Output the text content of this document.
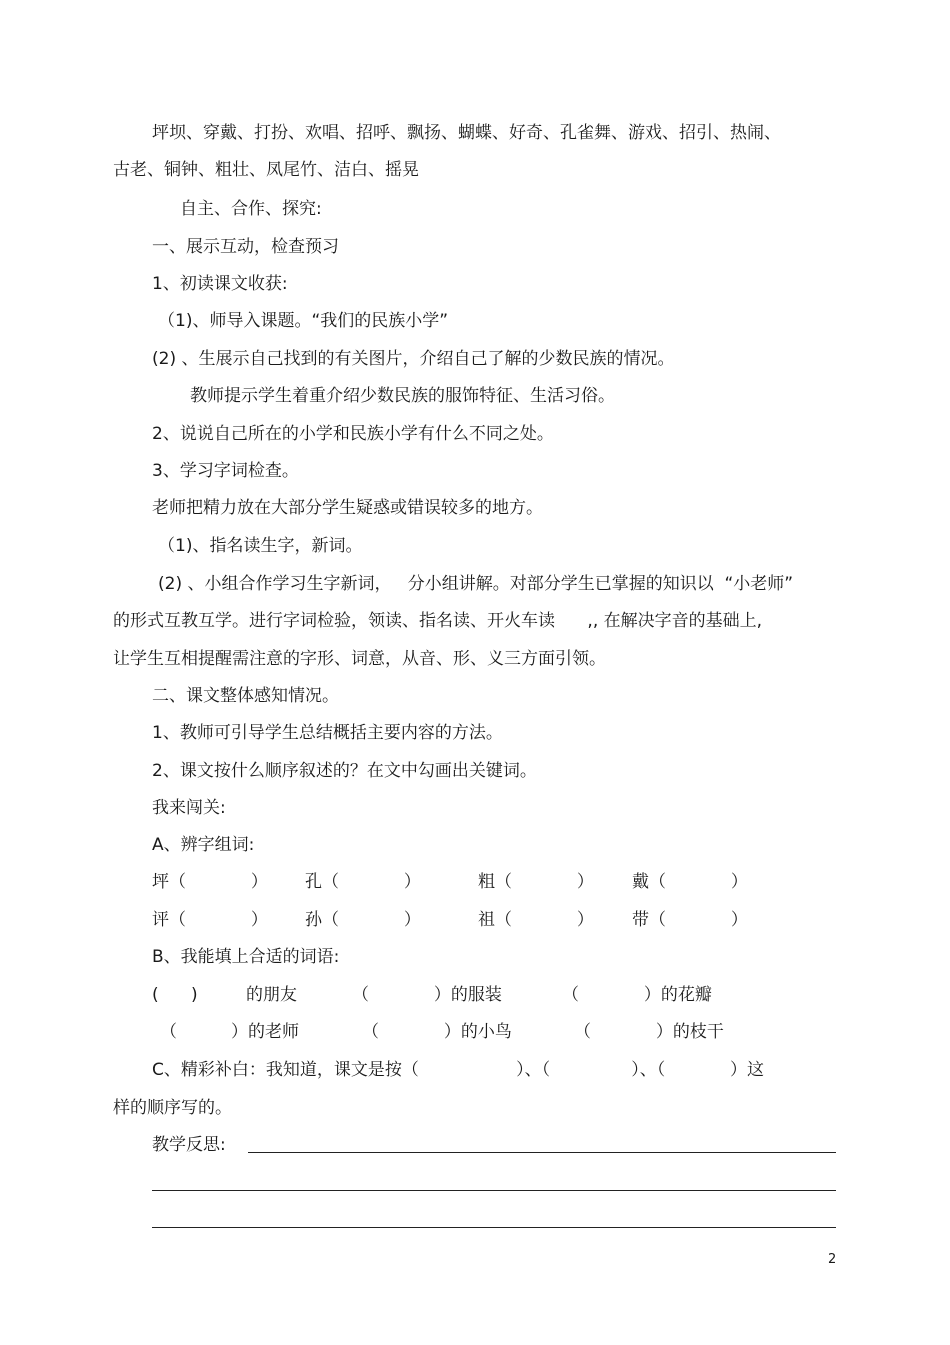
坪坝、穿戴、打扮、欢唱、招呼、飘扬、蝴蝶、好奇、孔雀舞、游戏、招引、热闹、
古老、铜钟、粗壮、凤尾竹、洁白、摇晃
自主、合作、探究:
一、展示互动，检查预习
1、初读课文收获:
（1)、师导入课题。“我们的民族小学”
(2) 、生展示自己找到的有关图片，介绍自己了解的少数民族的情况。
教师提示学生着重介绍少数民族的服饰特征、生活习俗。
2、说说自己所在的小学和民族小学有什么不同之处。
3、学习字词检查。
老师把精力放在大部分学生疑惑或错误较多的地方。
（1)、指名读生字，新词。
(2) 、小组合作学习生字新词，   分小组讲解。对部分学生已掌握的知识以  “小老师”
的形式互教互学。进行字词检验，领读、指名读、开火车读      ,, 在解决字音的基础上,
让学生互相提醒需注意的字形、词意，从音、形、义三方面引领。
二、课文整体感知情况。
1、教师可引导学生总结概括主要内容的方法。
2、课文按什么顺序叙述的？在文中勾画出关键词。
我来闯关:
A、辨字组词:
坪（            ） 孔（            ）	粗（            ） 戴（            ）
评（            ） 孙（            ）	祖（            ） 带（            ）
B、我能填上合适的词语:
(      )	的朋友	（            ）的服装	（            ）的花瓣
（          ）的老师	（            ）的小鸟	（            ）的枝干
C、精彩补白：我知道，课文是按（                  ）、（               ）、（            ）这
样的顺序写的。
教学反思:
2
